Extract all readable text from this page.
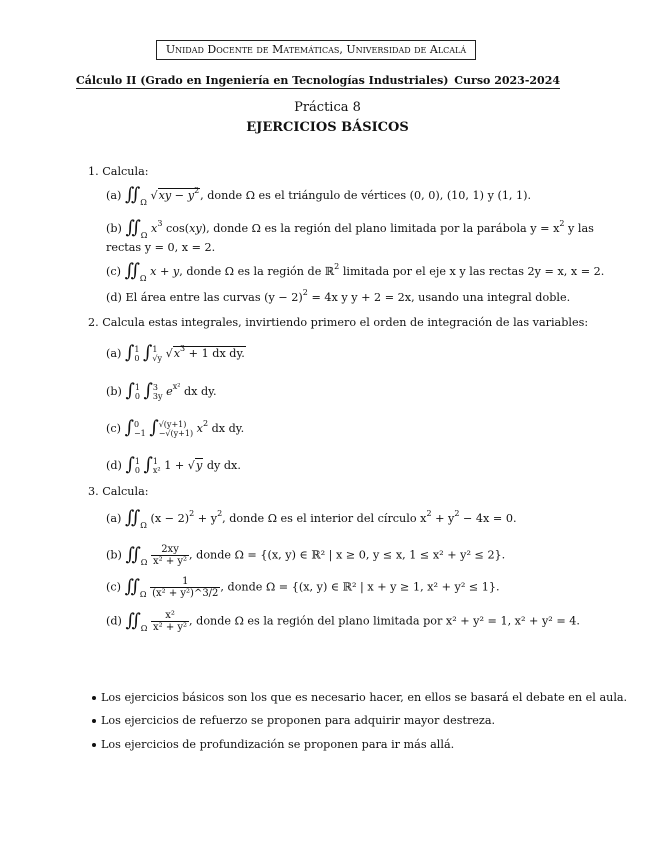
Unidad Docente de Matemáticas, Universidad de Alcalá
Cálculo II (Grado en Ingeniería en Tecnologías Industriales) Curso 2023-2024
Práctica 8
EJERCICIOS BÁSICOS
1. Calcula:
(a) $∬_\Omega$ $√xy - y^2$, donde Ω es el triángulo de vértices (0, 0), (10, 1) y (1, 1).
(b) $∬_\Omega$ $x^3$ cos(xy), donde Ω es la región del plano limitada por la parábola $y = x^2$ y las
rectas y = 0, x = 2.
(c) $∬_\Omega$ x + y, donde Ω es la región de ℝ$^2$ limitada por el eje x y las rectas 2y = x, x = 2.
(d) El área entre las curvas $(y - 2)^2 = 4x$ y y + 2 = 2x, usando una integral doble.
2. Calcula estas integrales, invirtiendo primero el orden de integración de las variables:
(a) ∫1
0 ∫1
√y $√x^3 + 1$ dx dy.
(b) ∫1
0 ∫3
3y $e^{x^2}$ dx dy.
(c) ∫0
−1 ∫√(y+1)
−√(y+1) $x^2$ dx dy.
(d) ∫1
0 ∫1
x² 1 + √y dy dx.
3. Calcula:
(a) $∬_\Omega$ $(x - 2)^2 + y^2$, donde Ω es el interior del círculo $x^2 + y^2 - 4x = 0$.
(b) $∬_\Omega \frac{2xy}{\text{x² + y²}}$ , donde Ω = {(x, y) ∈ ℝ² | x ≥ 0, y ≤ x, 1 ≤ x² + y² ≤ 2}.
(c) $∬_\Omega \frac{1}{\text{(x² + y²)\textasciicircum{}3/2}}$ , donde Ω = {(x, y) ∈ ℝ² | x + y ≥ 1, x² + y² ≤ 1}.
(d) $∬_\Omega \frac{\text{x²}}{\text{x² + y²}}$ , donde Ω es la región del plano limitada por x² + y² = 1, x² + y² = 4.
Los ejercicios básicos son los que es necesario hacer, en ellos se basará el debate en el aula.
Los ejercicios de refuerzo se proponen para adquirir mayor destreza.
Los ejercicios de profundización se proponen para ir más allá.
